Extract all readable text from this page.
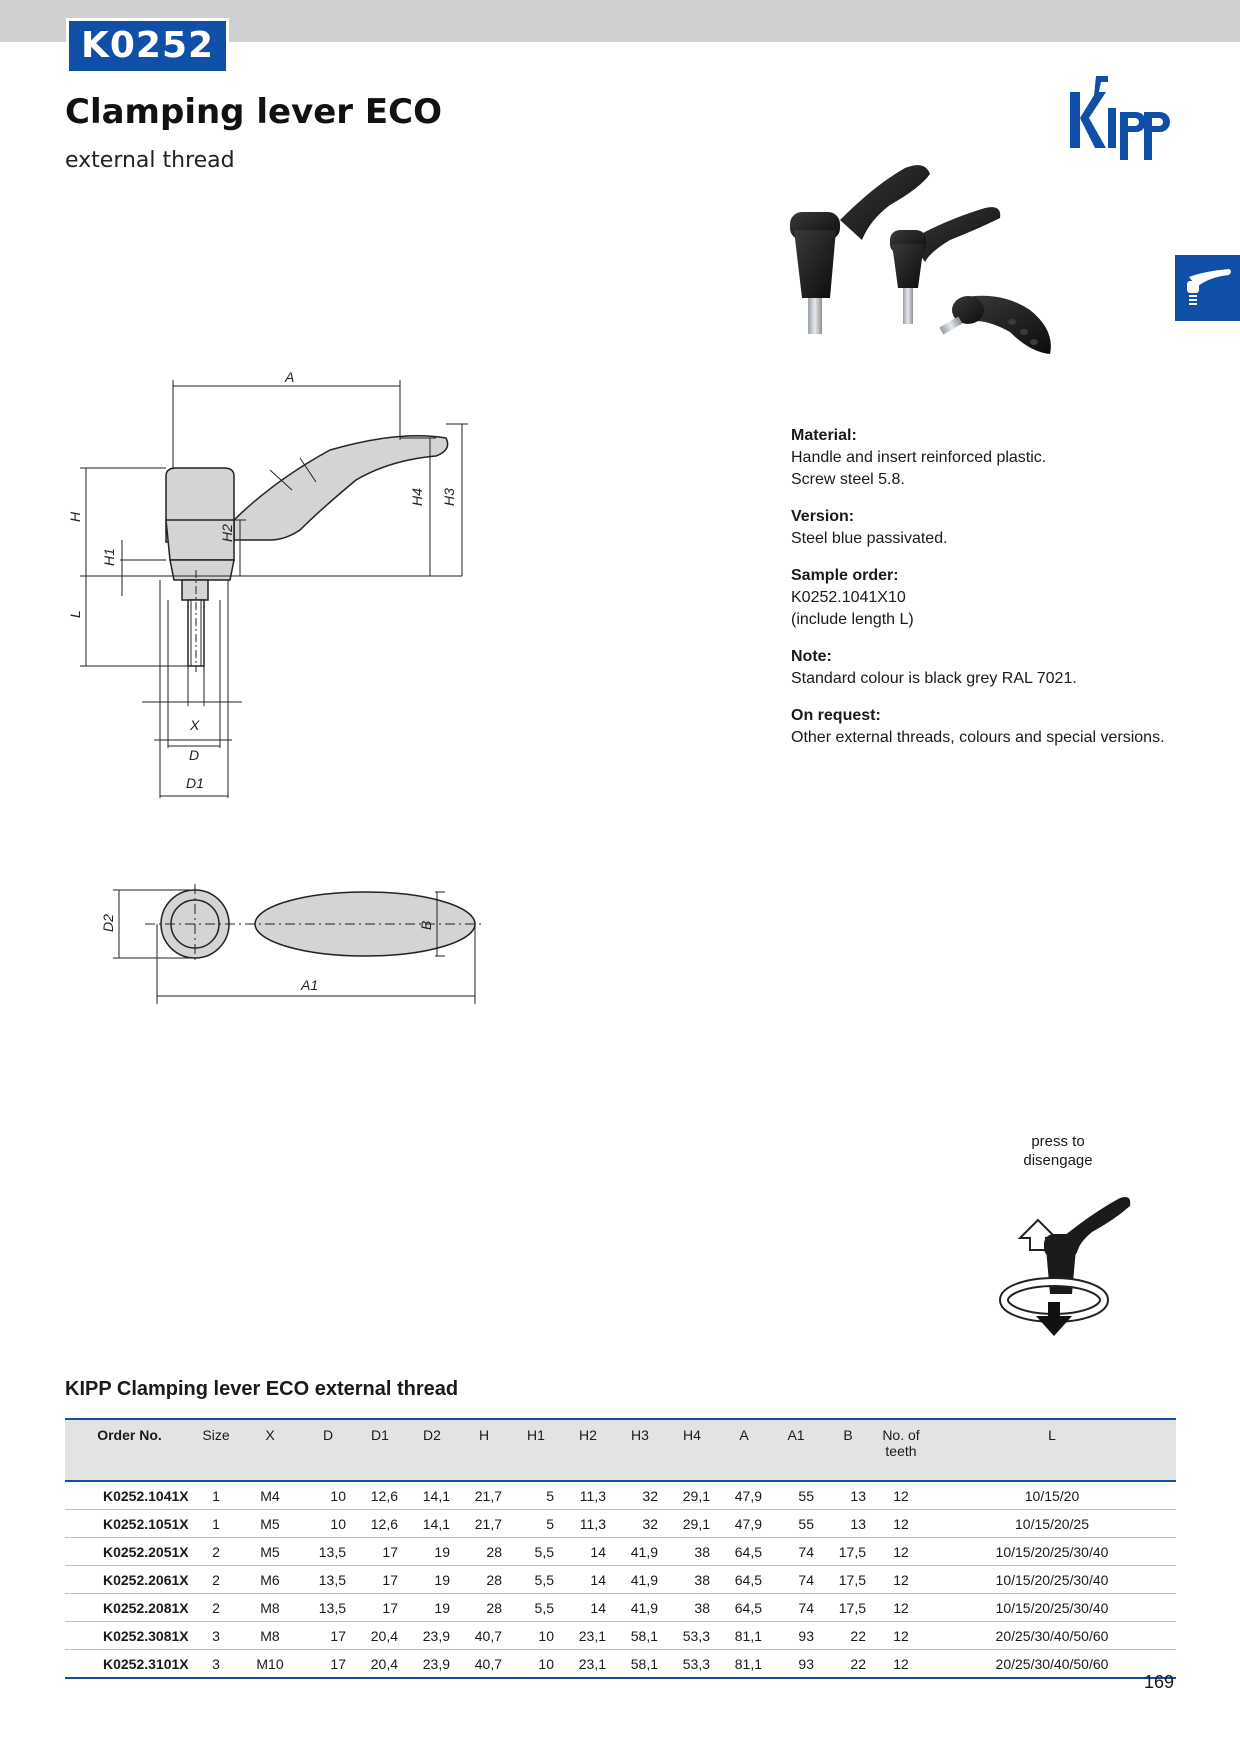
K0252
Clamping lever ECO
external thread
A
H
L
H1
H2
H4 H3
X
D
D1
D2	B
A1
Material:
Handle and insert reinforced plastic.
Screw steel 5.8.
Version:
Steel blue passivated.
Sample order:
K0252.1041X10
(include length L)
Note:
Standard colour is black grey RAL 7021.
On request:
Other external threads, colours and special versions.
press to
disengage
KIPP Clamping lever ECO external thread
Order No.	Size	X	D	D1	D2	H	H1	H2	H3	H4	A	A1	B	No. of teeth	L
K0252.1041X	1	M4	10	12,6	14,1	21,7	5	11,3	32	29,1	47,9	55	13	12	10/15/20
K0252.1051X	1	M5	10	12,6	14,1	21,7	5	11,3	32	29,1	47,9	55	13	12	10/15/20/25
K0252.2051X	2	M5	13,5	17	19	28	5,5	14	41,9	38	64,5	74	17,5	12	10/15/20/25/30/40
K0252.2061X	2	M6	13,5	17	19	28	5,5	14	41,9	38	64,5	74	17,5	12	10/15/20/25/30/40
K0252.2081X	2	M8	13,5	17	19	28	5,5	14	41,9	38	64,5	74	17,5	12	10/15/20/25/30/40
K0252.3081X	3	M8	17	20,4	23,9	40,7	10	23,1	58,1	53,3	81,1	93	22	12	20/25/30/40/50/60
K0252.3101X	3	M10	17	20,4	23,9	40,7	10	23,1	58,1	53,3	81,1	93	22	12	20/25/30/40/50/60
169
